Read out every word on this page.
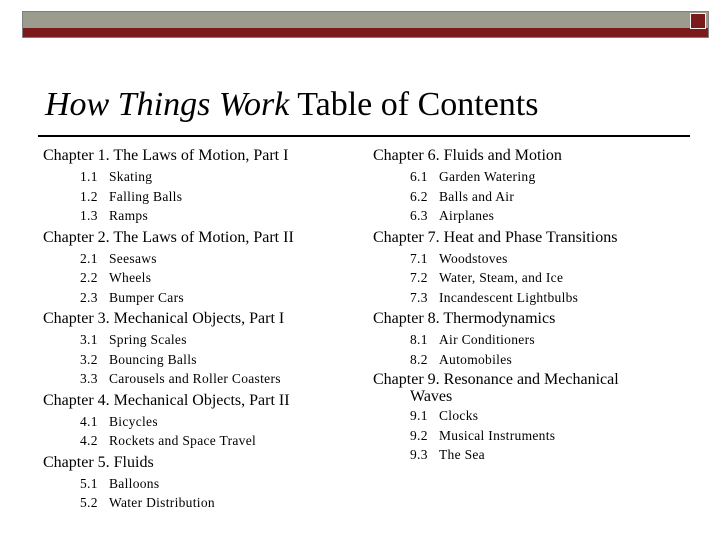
How Things Work Table of Contents
Chapter 1. The Laws of Motion, Part I
1.1 Skating
1.2 Falling Balls
1.3 Ramps
Chapter 2. The Laws of Motion, Part II
2.1 Seesaws
2.2 Wheels
2.3 Bumper Cars
Chapter 3. Mechanical Objects, Part I
3.1 Spring Scales
3.2 Bouncing Balls
3.3 Carousels and Roller Coasters
Chapter 4. Mechanical Objects, Part II
4.1 Bicycles
4.2 Rockets and Space Travel
Chapter 5. Fluids
5.1 Balloons
5.2 Water Distribution
Chapter 6. Fluids and Motion
6.1 Garden Watering
6.2 Balls and Air
6.3 Airplanes
Chapter 7. Heat and Phase Transitions
7.1 Woodstoves
7.2 Water, Steam, and Ice
7.3 Incandescent Lightbulbs
Chapter 8. Thermodynamics
8.1 Air Conditioners
8.2 Automobiles
Chapter 9. Resonance and Mechanical
Waves
9.1 Clocks
9.2 Musical Instruments
9.3 The Sea
